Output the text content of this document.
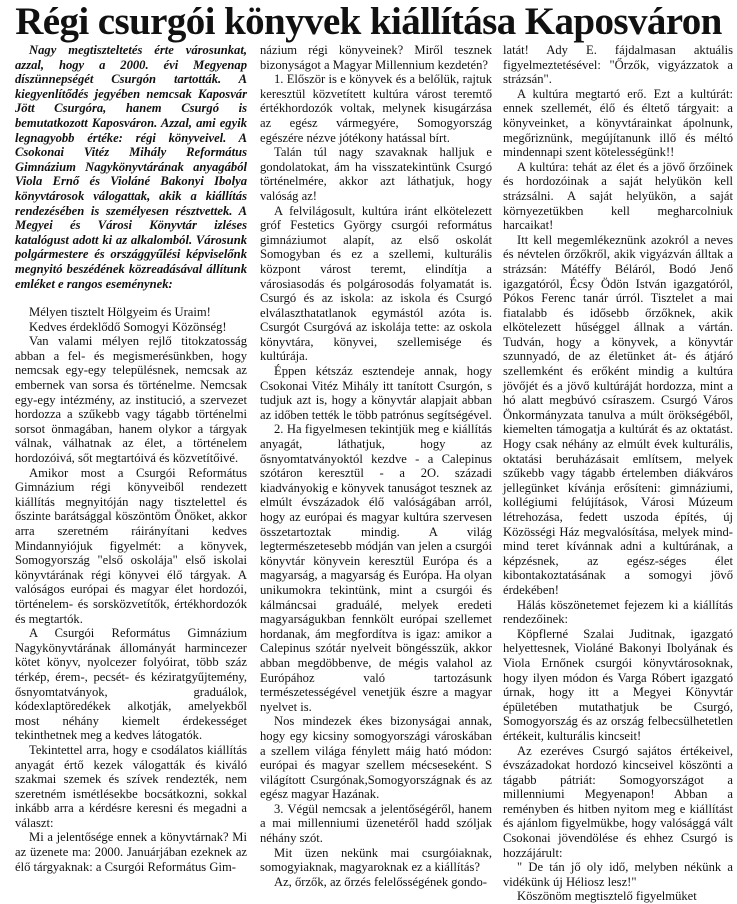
Régi csurgói könyvek kiállítása Kaposváron

Nagy megtiszteltetés érte városunkat, azzal, hogy a 2000. évi Megyenap díszünnepségét Csurgón tartották. A kiegyenlítődés jegyében nemcsak Kaposvár Jött Csurgóra, hanem Csurgó is bemutatkozott Kaposváron. Azzal, ami egyik legnagyobb értéke: régi könyveivel. A Csokonai Vitéz Mihály Református Gimnázium Nagykönyvtárának anyagából Viola Ernő és Violáné Bakonyi Ibolya könyvtárosok válogattak, akik a kiállítás rendezésében is személyesen résztvettek. A Megyei és Városi Könyvtár izléses katalógust adott ki az alkalomból. Városunk polgármestere és országgyűlési képviselőnk megnyitó beszédének közreadásával állítunk emléket e rangos eseménynek:

Mélyen tisztelt Hölgyeim és Uraim!

Kedves érdeklődő Somogyi Közönség!

Van valami mélyen rejlő titokzatosság abban a fel- és megismerésünkben, hogy nemcsak egy-egy településnek, nemcsak az embernek van sorsa és történelme. Nemcsak egy-egy intézmény, az institució, a szervezet hordozza a szűkebb vagy tágabb történelmi sorsot önmagában, hanem olykor a tárgyak válnak, válhatnak az élet, a történelem hordozóivá, sőt megtartóivá és közvetítőivé.

Amikor most a Csurgói Református Gimnázium régi könyveiből rendezett kiállítás megnyitóján nagy tisztelettel és őszinte barátsággal köszöntöm Önöket, akkor arra szeretném ráirányítani kedves Mindannyiójuk figyelmét: a könyvek, Somogyország "első oskolája" első iskolai könyvtárának régi könyvei élő tárgyak. A valóságos európai és magyar élet hordozói, történelem- és sorsközvetítők, értékhordozók és megtartók.

A Csurgói Református Gimnázium Nagykönyvtárának állományát harmincezer kötet könyv, nyolcezer folyóirat, több száz térkép, érem-, pecsét- és kéziratgyűjtemény, ősnyomtatványok, graduálok, kódexlaptöredékek alkotják, amelyekből most néhány kiemelt érdekességet tekinthetnek meg a kedves látogatók.

Tekintettel arra, hogy e csodálatos kiállítás anyagát értő kezek válogatták és kiváló szakmai szemek és szívek rendezték, nem szeretném ismétlésekbe bocsátkozni, sokkal inkább arra a kérdésre keresni és megadni a választ:

Mi a jelentősége ennek a könyvtárnak? Mi az üzenete ma: 2000. Januárjában ezeknek az élő tárgyaknak: a Csurgói Református Gim-

názium régi könyveinek? Miről tesznek bizonyságot a Magyar Millennium kezdetén?

1. Először is e könyvek és a belőlük, rajtuk keresztül közvetített kultúra várost teremtő értékhordozók voltak, melynek kisugárzása az egész vármegyére, Somogyország egészére nézve jótékony hatással bírt.

Talán túl nagy szavaknak halljuk e gondolatokat, ám ha visszatekintünk Csurgó történelmére, akkor azt láthatjuk, hogy valóság az!

A felvilágosult, kultúra iránt elkötelezett gróf Festetics György csurgói református gimnáziumot alapít, az első oskolát Somogyban és ez a szellemi, kulturális központ várost teremt, elindítja a városiasodás és polgárosodás folyamatát is. Csurgó és az iskola: az iskola és Csurgó elválaszthatatlanok egymástól azóta is. Csurgót Csurgóvá az iskolája tette: az oskola könyvtára, könyvei, szellemisége és kultúrája.

Éppen kétszáz esztendeje annak, hogy Csokonai Vitéz Mihály itt tanított Csurgón, s tudjuk azt is, hogy a könyvtár alapjait abban az időben tették le több patrónus segítségével.

2. Ha figyelmesen tekintjük meg e kiállítás anyagát, láthatjuk, hogy az ősnyomtatványoktól kezdve - a Calepinus szótáron keresztül - a 2O. századi kiadványokig e könyvek tanuságot tesznek az elmúlt évszázadok élő valóságában arról, hogy az európai és magyar kultúra szervesen összetartoztak mindig. A világ legtermészetesebb módján van jelen a csurgói könyvtár könyvein keresztül Európa és a magyarság, a magyarság és Európa. Ha olyan unikumokra tekintünk, mint a csurgói és kálmáncsai graduálé, melyek eredeti magyarságukban fennkölt európai szellemet hordanak, ám megfordítva is igaz: amikor a Calepinus szótár nyelveit böngésszük, akkor abban megdöbbenve, de mégis valahol az Európához való tartozásunk természetességével venetjük észre a magyar nyelvet is.

Nos mindezek ékes bizonyságai annak, hogy egy kicsiny somogyországi városkában a szellem világa fénylett máig ható módon: európai és magyar szellem mécseseként. S világított Csurgónak,Somogyországnak és az egész magyar Hazának.

3. Végül nemcsak a jelentőségéről, hanem a mai millenniumi üzenetéről hadd szóljak néhány szót.

Mit üzen nekünk mai csurgóiaknak, somogyiaknak, magyaroknak ez a kiállítás?

Az, őrzők, az őrzés felelősségének gondo-

latát! Ady E. fájdalmasan aktuális figyelmeztetésével: "Őrzők, vigyázzatok a strázsán".

A kultúra megtartó erő. Ezt a kultúrát: ennek szellemét, élő és éltető tárgyait: a könyveinket, a könyvtárainkat ápolnunk, megőriznünk, megújítanunk illő és méltó mindennapi szent kötelességünk!!

A kultúra: tehát az élet és a jövő őrzőinek és hordozóinak a saját helyükön kell strázsálni. A saját helyükön, a saját környezetükben kell megharcolniuk harcaikat!

Itt kell megemlékeznünk azokról a neves és névtelen őrzőkről, akik vigyázván álltak a strázsán: Mátéffy Béláról, Bodó Jenő igazgatóról, Écsy Ödön István igazgatóról, Pókos Ferenc tanár úrról. Tisztelet a mai fiatalabb és idősebb őrzőknek, akik elkötelezett hűséggel állnak a vártán. Tudván, hogy a könyvek, a könyvtár szunnyadó, de az életünket át- és átjáró szellemként és erőként mindig a kultúra jövőjét és a jövő kultúráját hordozza, mint a hó alatt megbúvó csíraszem. Csurgó Város Önkormányzata tanulva a múlt örökségéből, kiemelten támogatja a kultúrát és az oktatást. Hogy csak néhány az elmúlt évek kulturális, oktatási beruházásait említsem, melyek szűkebb vagy tágabb értelemben diákváros jellegünket kívánja erősíteni: gimnáziumi, kollégiumi felújítások, Városi Múzeum létrehozása, fedett uszoda építés, új Közösségi Ház megvalósítása, melyek mind-mind teret kívánnak adni a kultúrának, a képzésnek, az egész-séges élet kibontakoztatásának a somogyi jövő érdekében!

Hálás köszönetemet fejezem ki a kiállítás rendezőinek:

Köpflerné Szalai Juditnak, igazgató helyettesnek, Violáné Bakonyi Ibolyának és Viola Ernőnek csurgói könyvtárosoknak, hogy ilyen módon és Varga Róbert igazgató úrnak, hogy itt a Megyei Könyvtár épületében mutathatjuk be Csurgó, Somogyország és az ország felbecsülhetetlen értékeit, kulturális kincseit!

Az ezeréves Csurgó sajátos értékeivel, évszázadokat hordozó kincseivel köszönti a tágabb pátriát: Somogyországot a millenniumi Megyenapon! Abban a reményben és hitben nyitom meg e kiállítást és ajánlom figyelmükbe, hogy valósággá vált Csokonai jövendölése és ehhez Csurgó is hozzájárult:

" De tán jő oly idő, melyben nékünk a vidékünk új Héliosz lesz!"

Köszönöm megtisztelő figyelmüket
